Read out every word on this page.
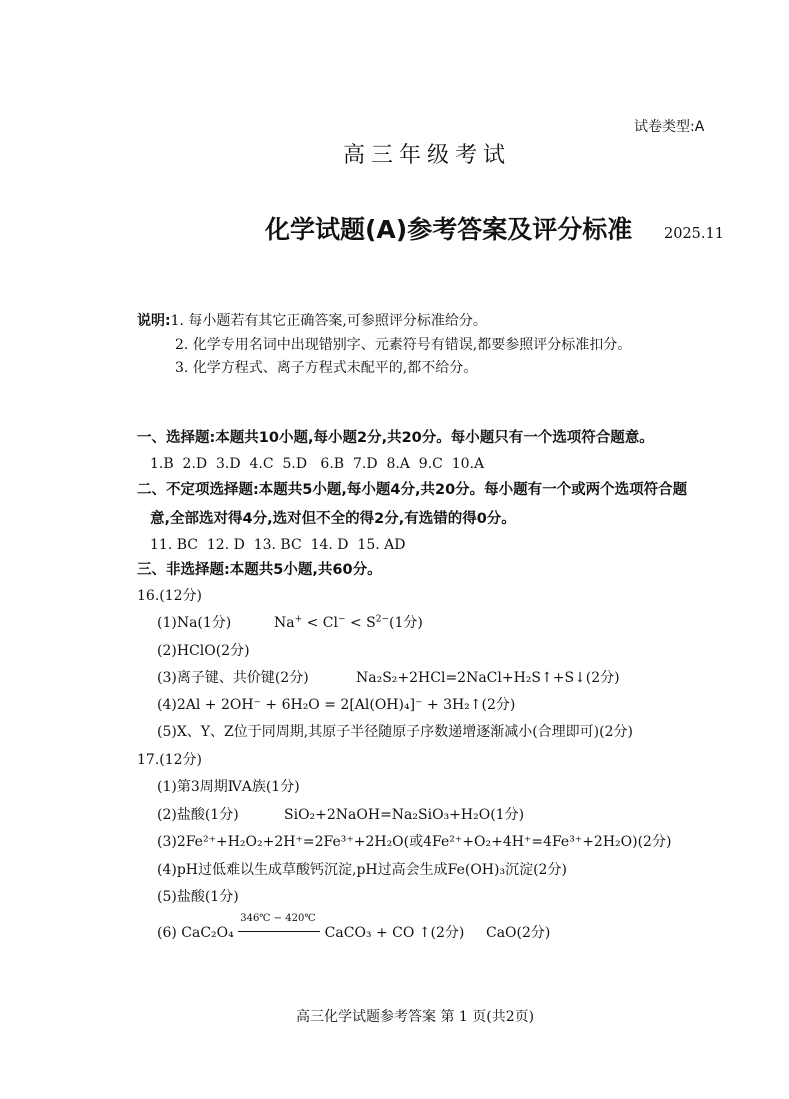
试卷类型:A
高三年级考试
化学试题(A)参考答案及评分标准 2025.11
说明:1. 每小题若有其它正确答案,可参照评分标准给分。
2. 化学专用名词中出现错别字、元素符号有错误,都要参照评分标准扣分。
3. 化学方程式、离子方程式未配平的,都不给分。
一、选择题:本题共10小题,每小题2分,共20分。每小题只有一个选项符合题意。
1.B  2.D  3.D  4.C  5.D   6.B  7.D  8.A  9.C  10.A
二、不定项选择题:本题共5小题,每小题4分,共20分。每小题有一个或两个选项符合题
意,全部选对得4分,选对但不全的得2分,有选错的得0分。
11. BC  12. D  13. BC  14. D  15. AD
三、非选择题:本题共5小题,共60分。
16.(12分)
(1)Na(1分)	$Na^+ < Cl^- < S^{2-}(1$分)
(2)HClO(2分)
(3)离子键、共价键(2分)	Na₂S₂+2HCl=2NaCl+H₂S↑+S↓(2分)
(4)2Al + 2OH⁻ + 6H₂O = 2[Al(OH)₄]⁻ + 3H₂↑(2分)
(5)X、Y、Z位于同周期,其原子半径随原子序数递增逐渐减小(合理即可)(2分)
17.(12分)
(1)第3周期ⅣA族(1分)
(2)盐酸(1分)	SiO₂+2NaOH=Na₂SiO₃+H₂O(1分)
(3)2Fe²⁺+H₂O₂+2H⁺=2Fe³⁺+2H₂O(或4Fe²⁺+O₂+4H⁺=4Fe³⁺+2H₂O)(2分)
(4)pH过低难以生成草酸钙沉淀,pH过高会生成Fe(OH)₃沉淀(2分)
(5)盐酸(1分)
(6) CaC₂O₄
346℃ − 420℃
CaCO₃ + CO ↑(2分) CaO(2分)
高三化学试题参考答案 第 1 页(共2页)
